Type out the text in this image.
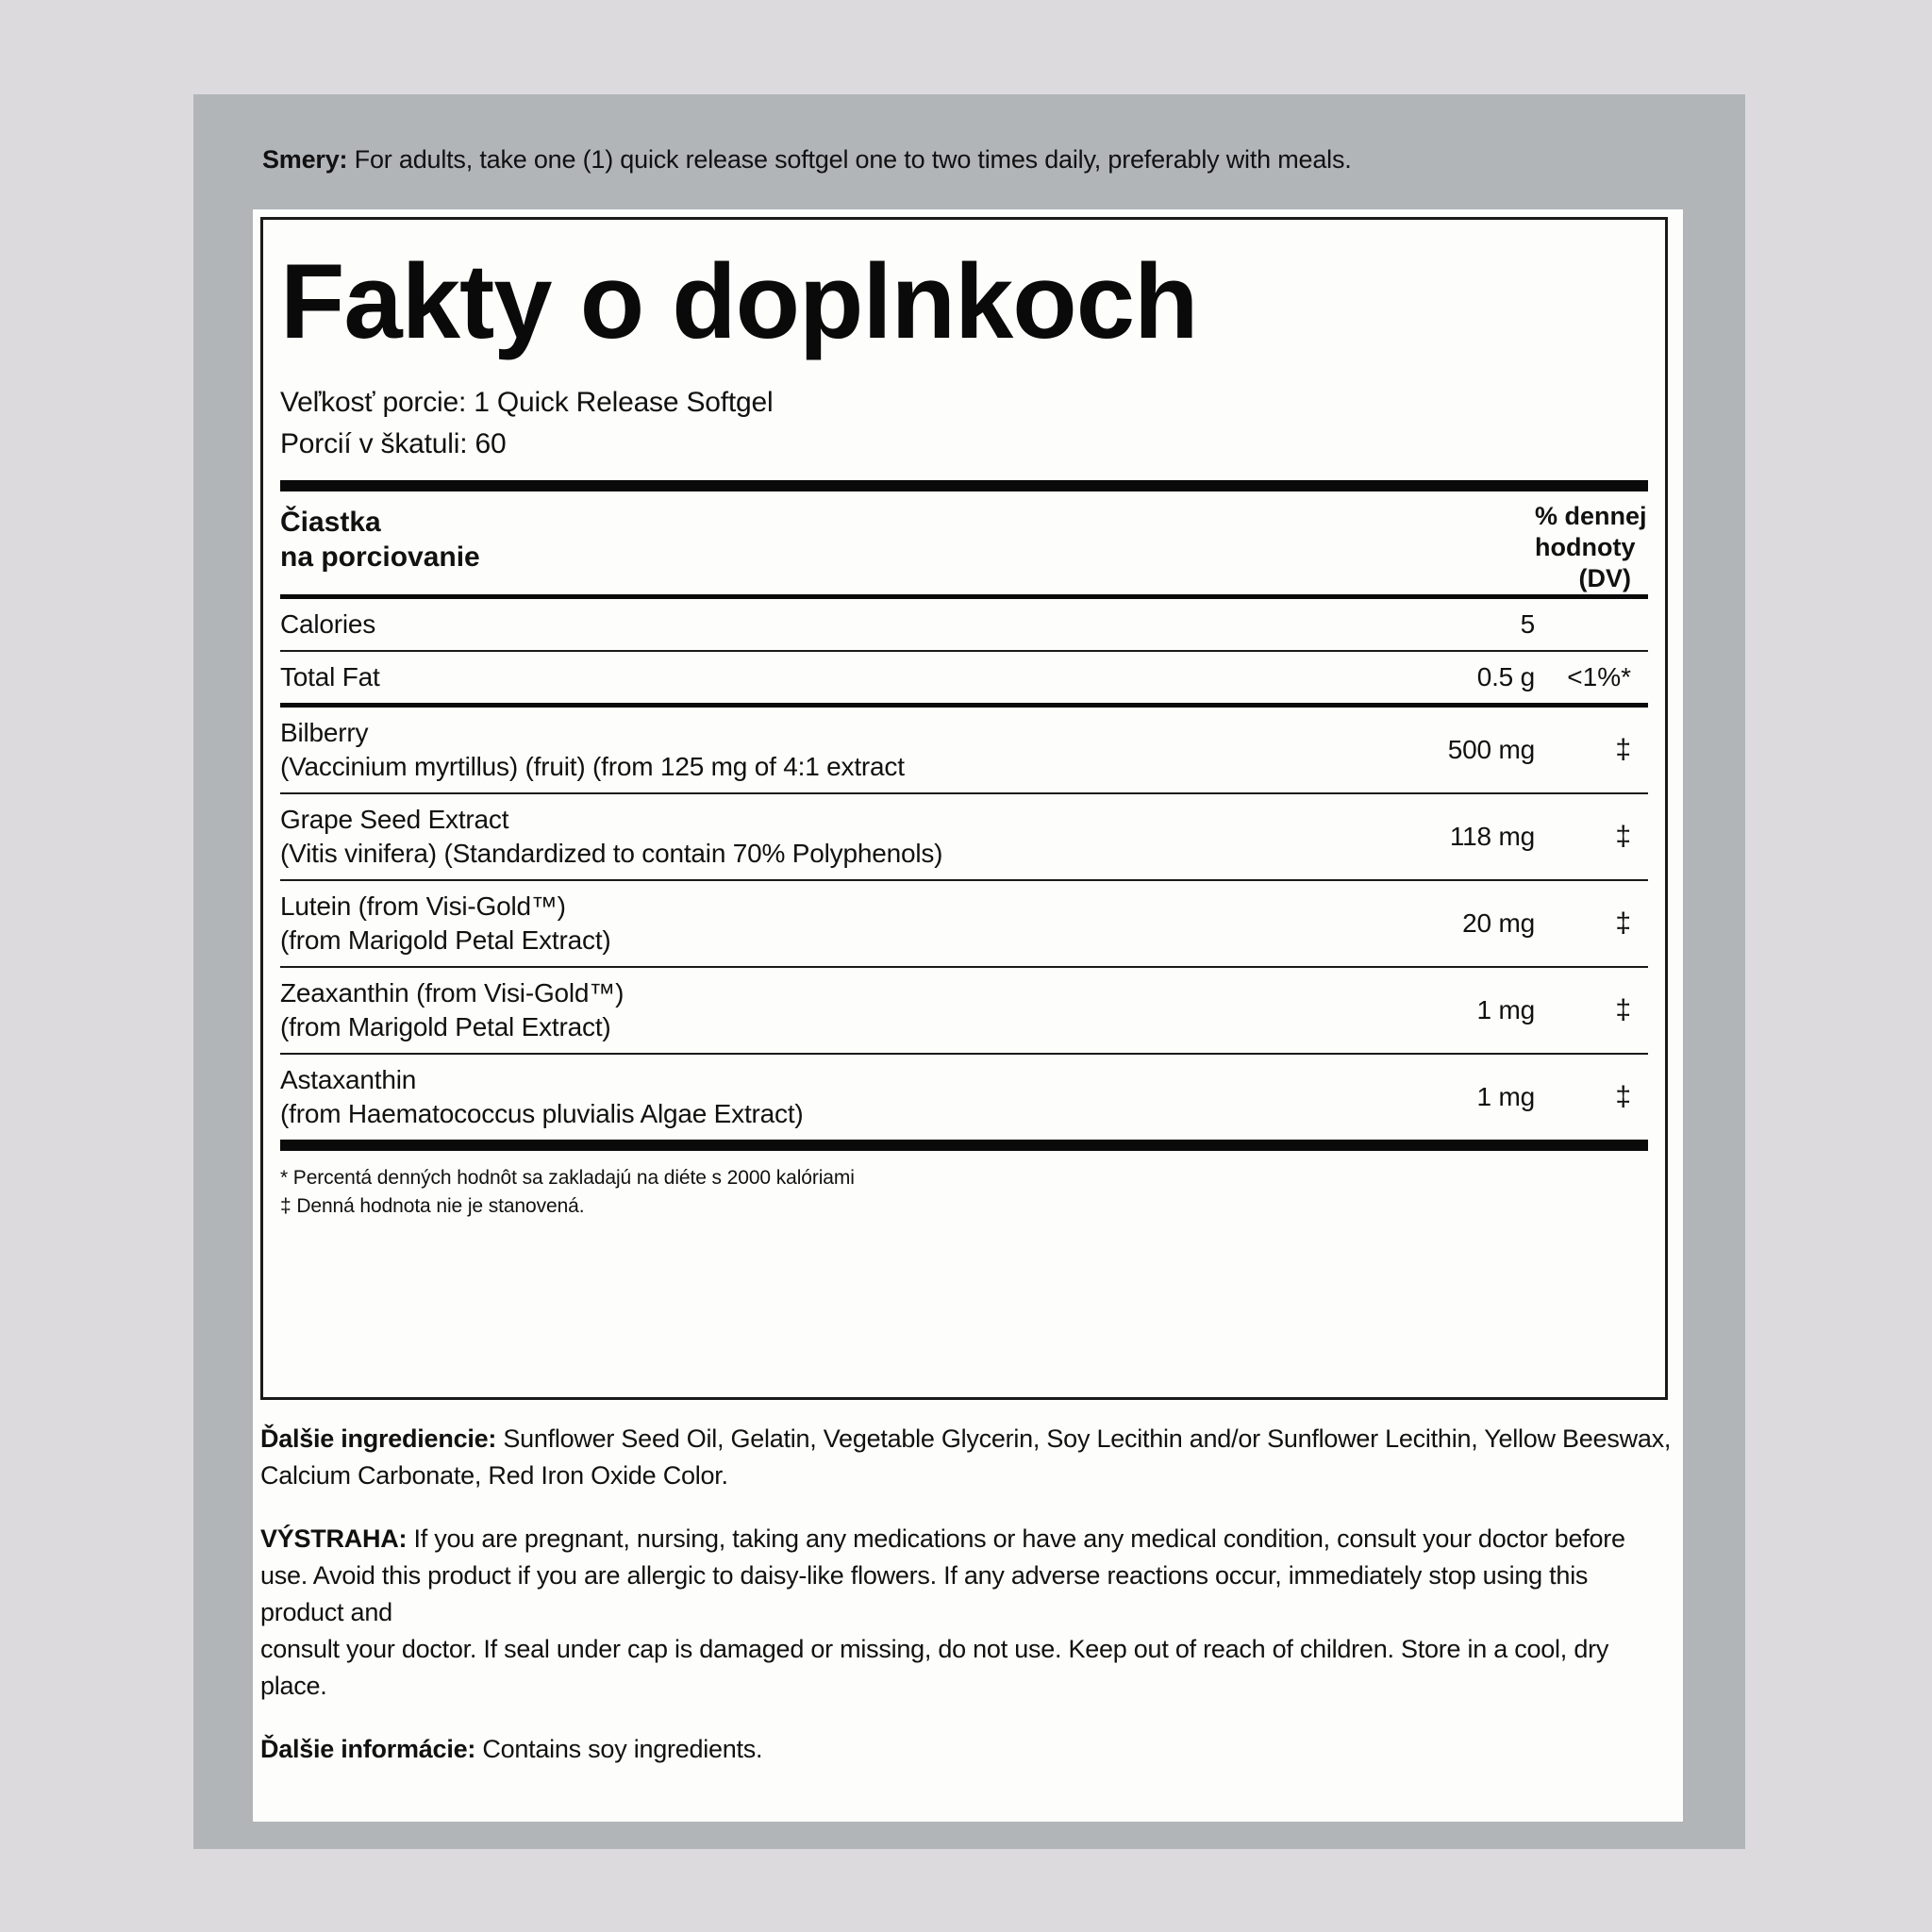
Smery: For adults, take one (1) quick release softgel one to two times daily, preferably with meals.
Fakty o doplnkoch
Veľkosť porcie: 1 Quick Release Softgel
Porcií v škatuli: 60
Čiastka
na porciovanie

% dennej
hodnoty
(DV)

Calories	5	

Total Fat	0.5 g	<1%*

Bilberry
(Vaccinium myrtillus) (fruit) (from 125 mg of 4:1 extract	500 mg	‡

Grape Seed Extract
(Vitis vinifera) (Standardized to contain 70% Polyphenols)	118 mg	‡

Lutein (from Visi-Gold™)
(from Marigold Petal Extract)	20 mg	‡

Zeaxanthin (from Visi-Gold™)
(from Marigold Petal Extract)	1 mg	‡

Astaxanthin
(from Haematococcus pluvialis Algae Extract)	1 mg	‡
* Percentá denných hodnôt sa zakladajú na diéte s 2000 kalóriami
‡ Denná hodnota nie je stanovená.
Ďalšie ingrediencie: Sunflower Seed Oil, Gelatin, Vegetable Glycerin, Soy Lecithin and/or Sunflower Lecithin, Yellow Beeswax, Calcium Carbonate, Red Iron Oxide Color.
VÝSTRAHA: If you are pregnant, nursing, taking any medications or have any medical condition, consult your doctor before use. Avoid this product if you are allergic to daisy-like flowers. If any adverse reactions occur, immediately stop using this product and
consult your doctor. If seal under cap is damaged or missing, do not use. Keep out of reach of children. Store in a cool, dry place.
Ďalšie informácie: Contains soy ingredients.
